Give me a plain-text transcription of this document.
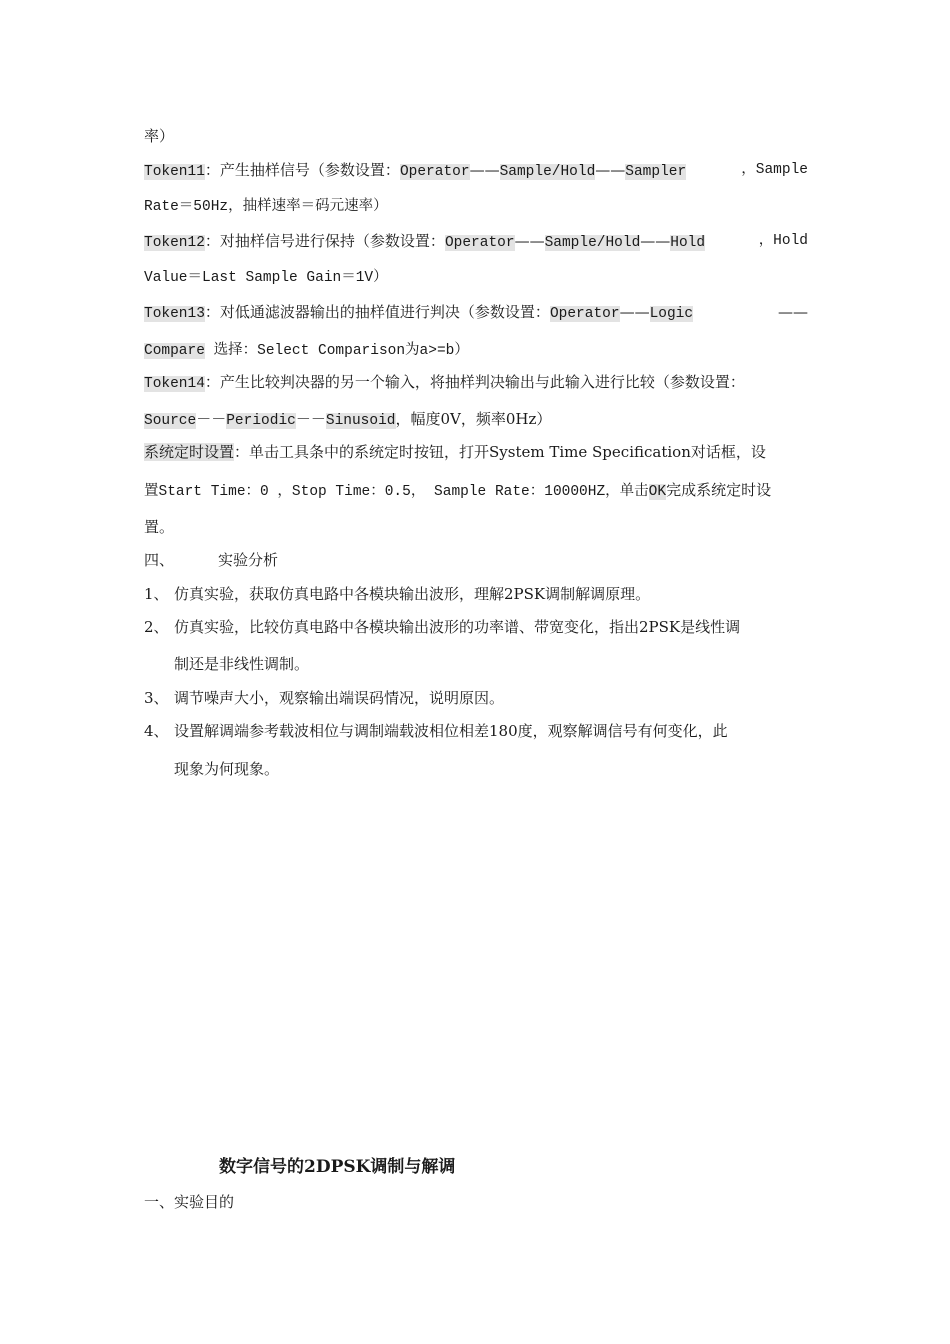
率）
Token11：产生抽样信号（参数设置：Operator——Sample/Hold——Sampler	，Sample
Rate＝50Hz，抽样速率＝码元速率）
Token12：对抽样信号进行保持（参数设置：Operator——Sample/Hold——Hold	，Hold
Value＝Last Sample Gain＝1V）
Token13：对低通滤波器输出的抽样值进行判决（参数设置：Operator——Logic	——
Compare 选择：Select Comparison为a>=b）
Token14：产生比较判决器的另一个输入，将抽样判决输出与此输入进行比较（参数设置：
Source－－Periodic－－Sinusoid，幅度0V，频率0Hz）
系统定时设置：单击工具条中的系统定时按钮，打开System Time Specification对话框，设
置Start Time：0 ，Stop Time：0.5， Sample Rate：10000HZ，单击OK完成系统定时设
置。
四、	实验分析
1、 仿真实验，获取仿真电路中各模块输出波形，理解2PSK调制解调原理。
2、 仿真实验，比较仿真电路中各模块输出波形的功率谱、带宽变化，指出2PSK是线性调
制还是非线性调制。
3、 调节噪声大小，观察输出端误码情况，说明原因。
4、 设置解调端参考载波相位与调制端载波相位相差180度，观察解调信号有何变化，此
现象为何现象。
数字信号的2DPSK调制与解调
一、实验目的
